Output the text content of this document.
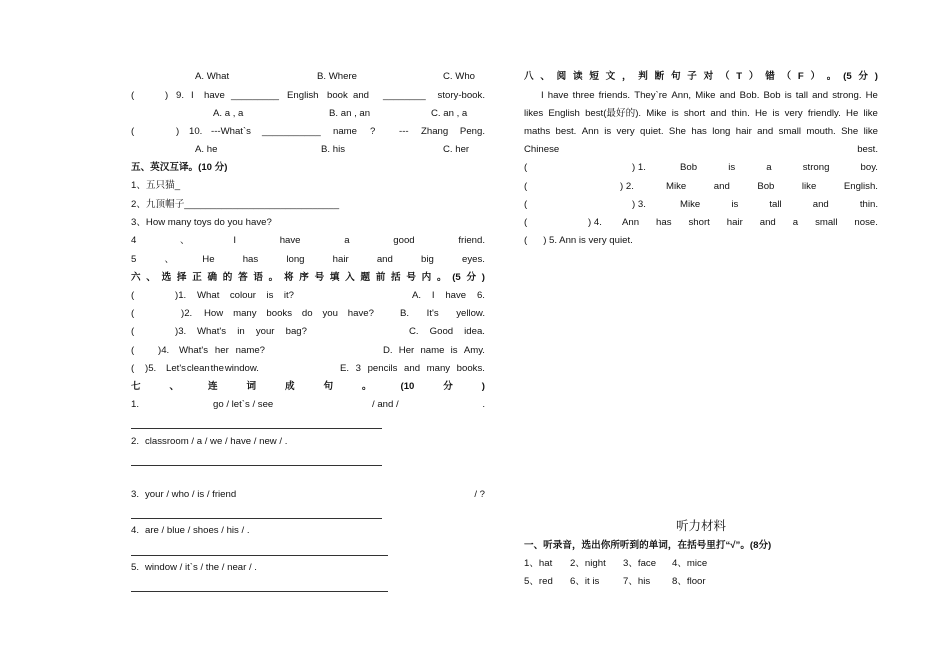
A. What	B. Where	C. Who
(	) 9. I have _________ English book and ________ story-book.
A. a , a	B. an , an	C. an , a
(	) 10. ---What`s ___________ name ? --- Zhang Peng.
A. he	B. his	C. her
五、英汉互译。(10 分)
1、五只猫_
2、九顶帽子_____________________________
3、How many toys do you have?
4	、	I	have	a	good	friend.
5	、	He	has	long	hair	and	big	eyes.
六 、 选 择 正 确 的 答 语 。 将 序 号 填 入 题 前 括 号 内 。 (5 分 )
(	)1. What colour is it?	A. I have 6.
(	)2. How many books do you have?	B. It's yellow.
(	)3. What's in your bag?	C. Good idea.
( )4. What's her name?	D. Her name is Amy.
( )5. Let's clean the window.	E. 3 pencils and many books.
七	、	连	词	成	句	。	(10	分	)
1.	go / let`s / see	/ and /	.
2. classroom / a / we / have / new / .
3. your / who / is / friend	/ ?
4. are / blue / shoes / his / .
5. window / it`s / the / near / .
八 、 阅 读 短 文 ， 判 断 句 子 对 （ T ） 错 （ F ） 。 (5 分 )
I have three friends. They`re Ann, Mike and Bob. Bob is tall and strong. He
likes English best(最好的). Mike is short and thin. He is very friendly. He like
maths best. Ann is very quiet. She has long hair and small mouth. She like
Chinese	best.
(	) 1.	Bob	is	a	strong	boy.
(	) 2.	Mike	and	Bob	like	English.
(	) 3.	Mike	is	tall	and	thin.
(	) 4. Ann has short hair and a small nose.
(      ) 5. Ann is very quiet.
听力材料
一、听录音，选出你所听到的单词，在括号里打“√”。(8分)
1、hat 2、night 3、face 4、mice
5、red 6、it is 7、his 8、floor
